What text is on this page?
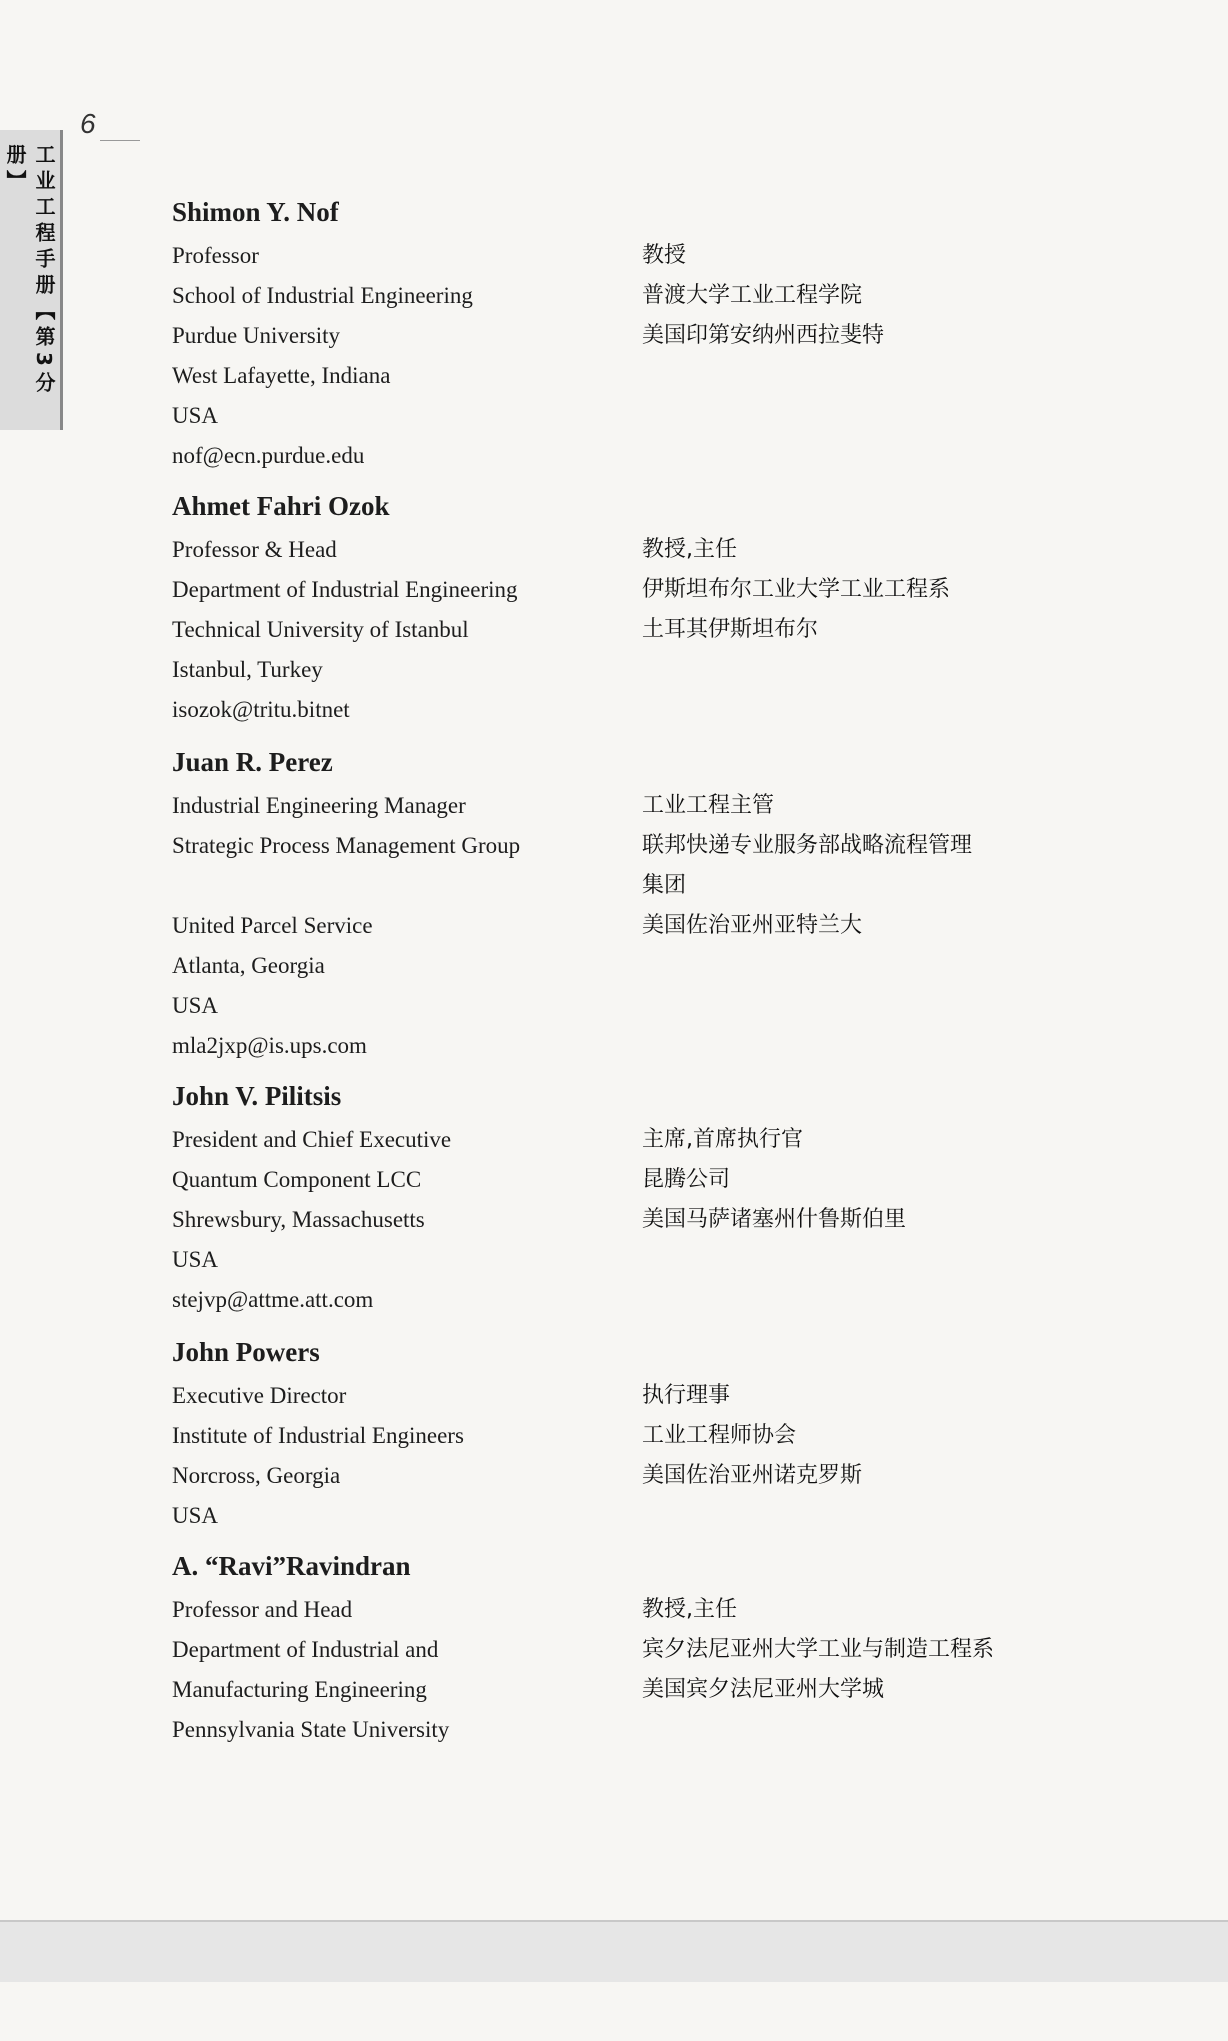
6
工业工程手册【第3分册】
Shimon Y. Nof
Professor
School of Industrial Engineering
Purdue University
West Lafayette, Indiana
USA
nof@ecn.purdue.edu
教授
普渡大学工业工程学院
美国印第安纳州西拉斐特
Ahmet Fahri Ozok
Professor & Head
Department of Industrial Engineering
Technical University of Istanbul
Istanbul, Turkey
isozok@tritu.bitnet
教授,主任
伊斯坦布尔工业大学工业工程系
土耳其伊斯坦布尔
Juan R. Perez
Industrial Engineering Manager
Strategic Process Management Group
United Parcel Service
Atlanta, Georgia
USA
mla2jxp@is.ups.com
工业工程主管
联邦快递专业服务部战略流程管理
集团
美国佐治亚州亚特兰大
John V. Pilitsis
President and Chief Executive
Quantum Component LCC
Shrewsbury, Massachusetts
USA
stejvp@attme.att.com
主席,首席执行官
昆腾公司
美国马萨诸塞州什鲁斯伯里
John Powers
Executive Director
Institute of Industrial Engineers
Norcross, Georgia
USA
执行理事
工业工程师协会
美国佐治亚州诺克罗斯
A. “Ravi”Ravindran
Professor and Head
Department of Industrial and
Manufacturing Engineering
Pennsylvania State University
教授,主任
宾夕法尼亚州大学工业与制造工程系
美国宾夕法尼亚州大学城
